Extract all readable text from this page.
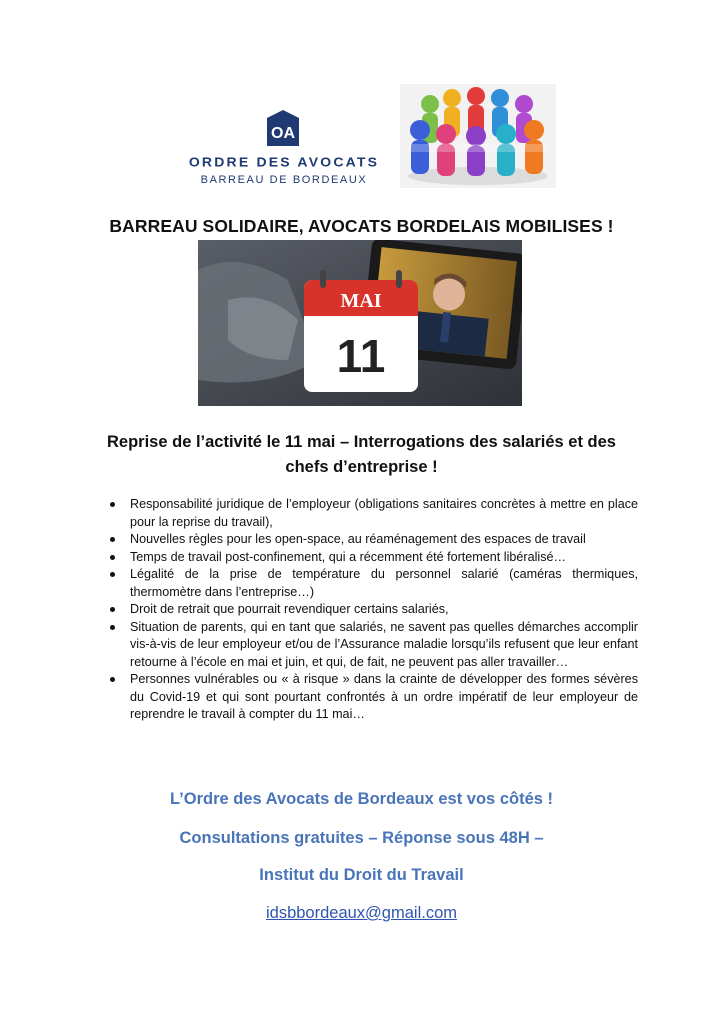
OA
ORDRE DES AVOCATS
BARREAU DE BORDEAUX
BARREAU SOLIDAIRE, AVOCATS BORDELAIS MOBILISES !
MAI
11
Reprise de l’activité le 11 mai – Interrogations des salariés et des
chefs d’entreprise !
Responsabilité juridique de l’employeur (obligations sanitaires concrètes à mettre en place pour la reprise du travail),
Nouvelles règles pour les open-space, au réaménagement des espaces de travail
Temps de travail post-confinement, qui a récemment été fortement libéralisé…
Légalité de la prise de température du personnel salarié (caméras thermiques, thermomètre dans l’entreprise…)
Droit de retrait que pourrait revendiquer certains salariés,
Situation de parents, qui en tant que salariés, ne savent pas quelles démarches accomplir vis-à-vis de leur employeur et/ou de l’Assurance maladie lorsqu’ils refusent que leur enfant retourne à l’école en mai et juin, et qui, de fait, ne peuvent pas aller travailler…
Personnes vulnérables ou « à risque » dans la crainte de développer des formes sévères du Covid-19 et qui sont pourtant confrontés à un ordre impératif de leur employeur de reprendre le travail à compter du 11 mai…
L’Ordre des Avocats de Bordeaux est vos côtés !
Consultations gratuites – Réponse sous 48H –
Institut du Droit du Travail
idsbbordeaux@gmail.com
